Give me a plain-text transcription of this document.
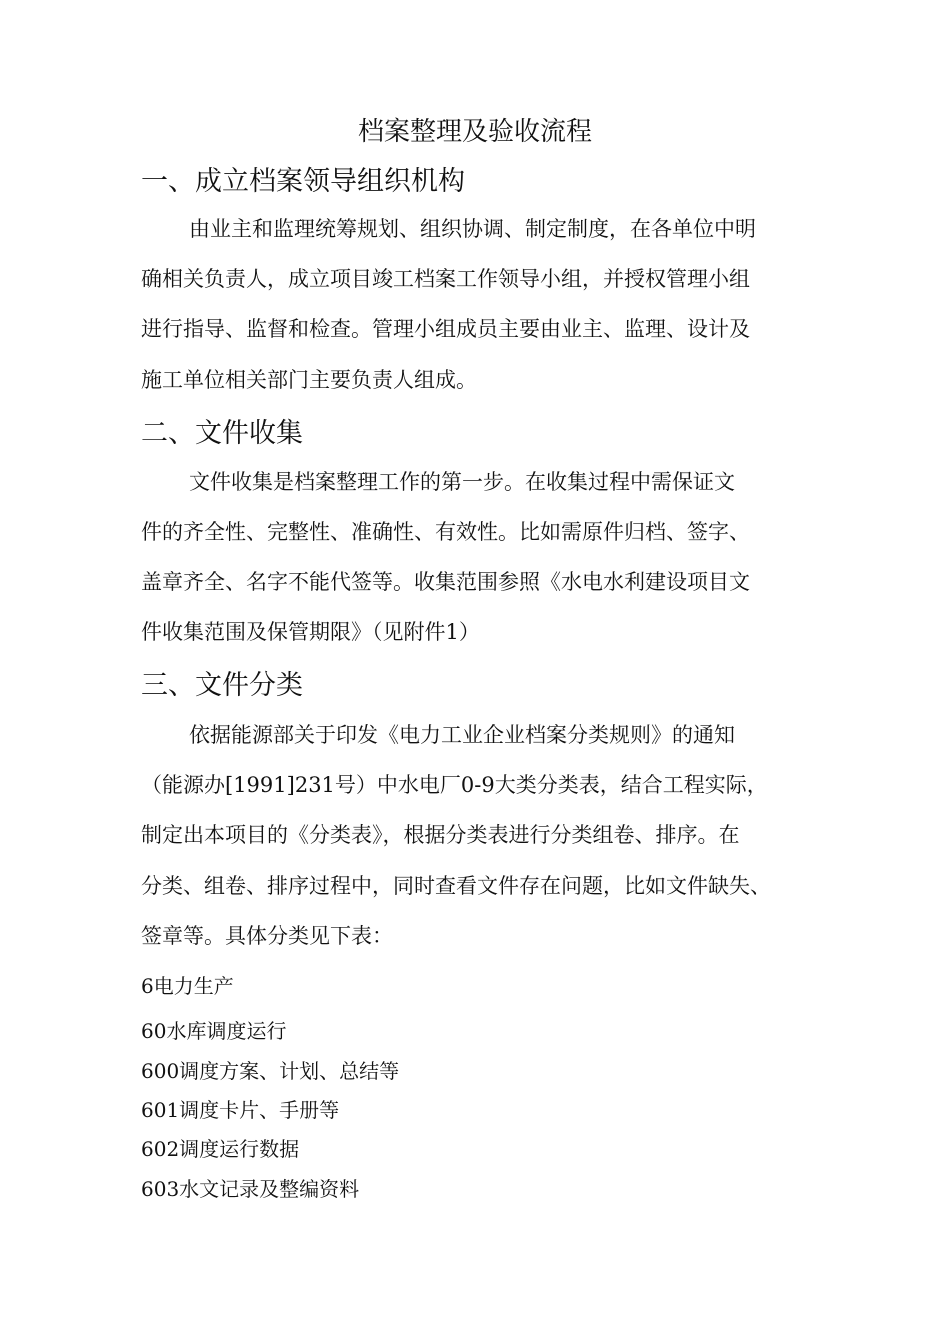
档案整理及验收流程
一、成立档案领导组织机构
由业主和监理统筹规划、组织协调、制定制度，在各单位中明
确相关负责人，成立项目竣工档案工作领导小组，并授权管理小组
进行指导、监督和检查。管理小组成员主要由业主、监理、设计及
施工单位相关部门主要负责人组成。
二、文件收集
文件收集是档案整理工作的第一步。在收集过程中需保证文
件的齐全性、完整性、准确性、有效性。比如需原件归档、签字、
盖章齐全、名字不能代签等。收集范围参照《水电水利建设项目文
件收集范围及保管期限》（见附件1）
三、文件分类
依据能源部关于印发《电力工业企业档案分类规则》的通知
（能源办[1991]231号）中水电厂0-9大类分类表，结合工程实际，
制定出本项目的《分类表》，根据分类表进行分类组卷、排序。在
分类、组卷、排序过程中，同时查看文件存在问题，比如文件缺失、
签章等。具体分类见下表：
6电力生产
60水库调度运行
600调度方案、计划、总结等
601调度卡片、手册等
602调度运行数据
603水文记录及整编资料
